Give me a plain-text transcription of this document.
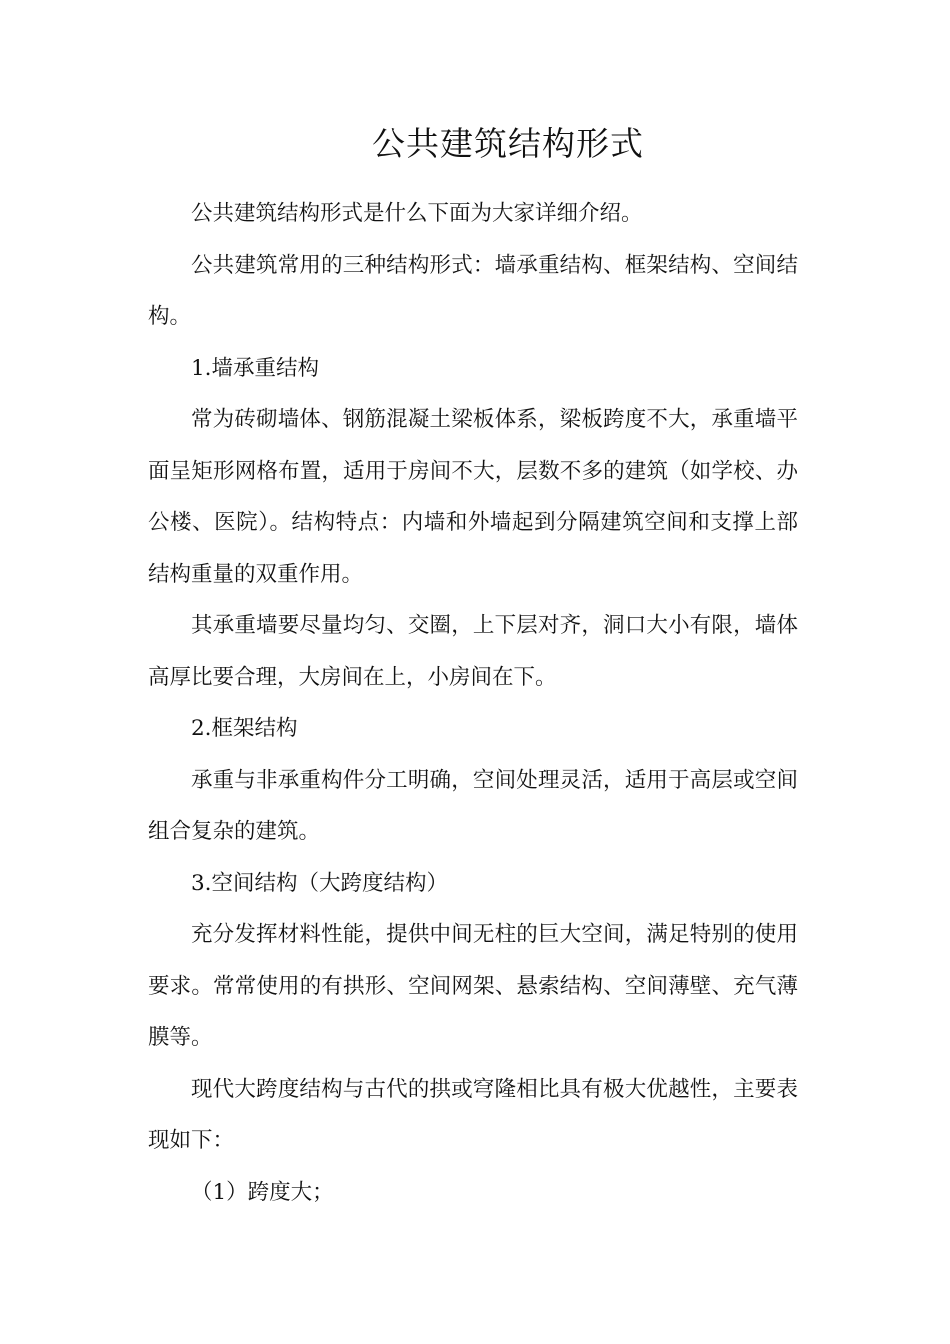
公共建筑结构形式

公共建筑结构形式是什么下面为大家详细介绍。

公共建筑常用的三种结构形式：墙承重结构、框架结构、空间结构。

1.墙承重结构

常为砖砌墙体、钢筋混凝土梁板体系，梁板跨度不大，承重墙平面呈矩形网格布置，适用于房间不大，层数不多的建筑（如学校、办公楼、医院）。结构特点：内墙和外墙起到分隔建筑空间和支撑上部结构重量的双重作用。

其承重墙要尽量均匀、交圈，上下层对齐，洞口大小有限，墙体高厚比要合理，大房间在上，小房间在下。

2.框架结构

承重与非承重构件分工明确，空间处理灵活，适用于高层或空间组合复杂的建筑。

3.空间结构（大跨度结构）

充分发挥材料性能，提供中间无柱的巨大空间，满足特别的使用要求。常常使用的有拱形、空间网架、悬索结构、空间薄壁、充气薄膜等。

现代大跨度结构与古代的拱或穹隆相比具有极大优越性，主要表现如下：

（1）跨度大；
